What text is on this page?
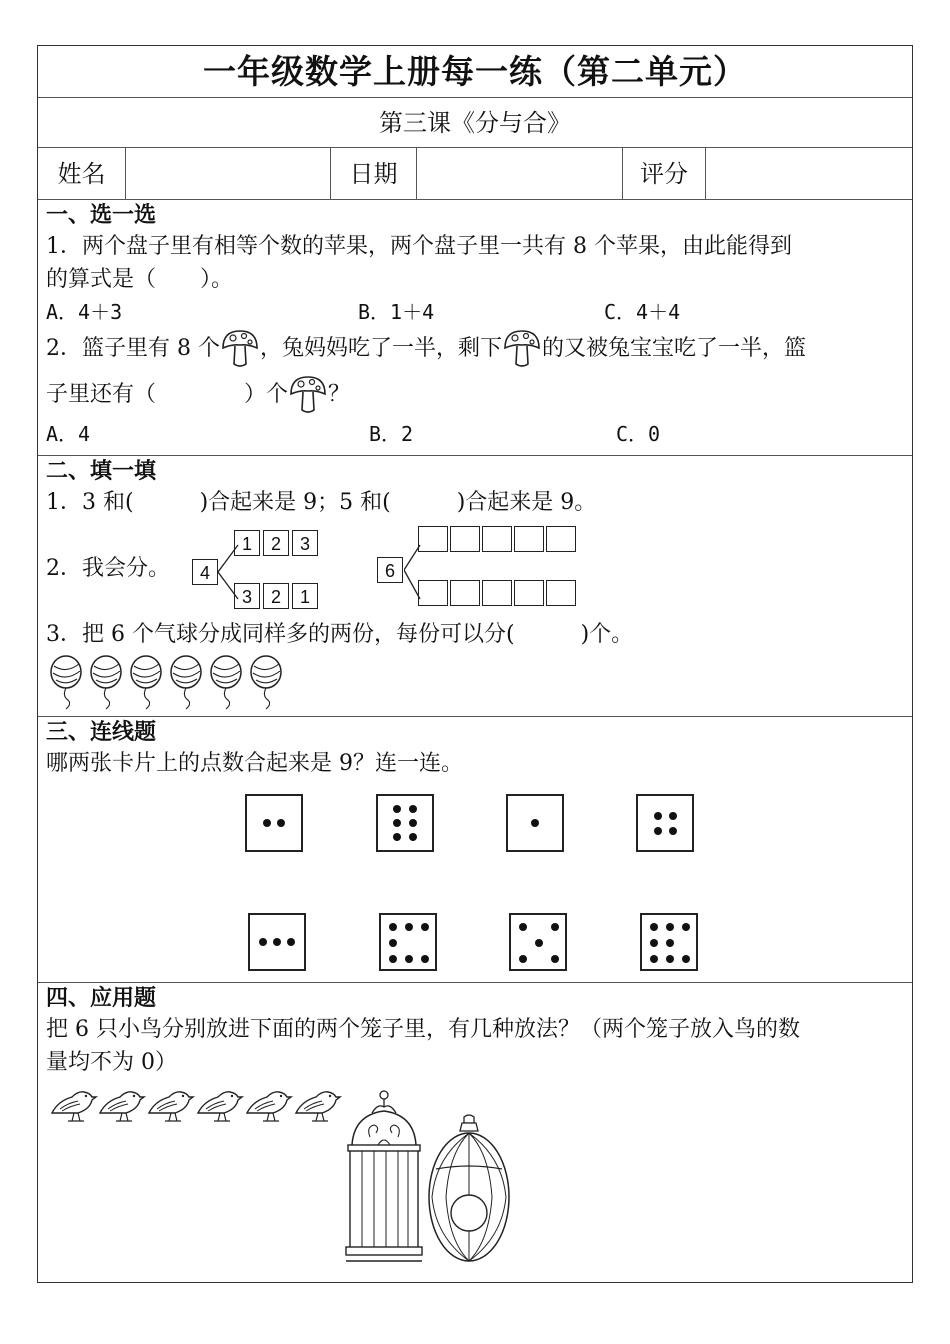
一年级数学上册每一练（第二单元）
第三课《分与合》
姓名	日期	评分
一、选一选
1．两个盘子里有相等个数的苹果，两个盘子里一共有 8 个苹果，由此能得到
的算式是（　　）。
A．4＋3	B．1＋4	C．4＋4
2．篮子里有 8 个 ，兔妈妈吃了一半，剩下 的又被兔宝宝吃了一半，篮
子里还有（　　　　）个 ？
A．4	B．2	C．0
二、填一填
1．3 和(　　　)合起来是 9；5 和(　　　)合起来是 9。
2．我会分。	4
1 2 3
3 2 1
6
3．把 6 个气球分成同样多的两份，每份可以分(　　　)个。
三、连线题
哪两张卡片上的点数合起来是 9？连一连。
四、应用题
把 6 只小鸟分别放进下面的两个笼子里，有几种放法？（两个笼子放入鸟的数
量均不为 0）
